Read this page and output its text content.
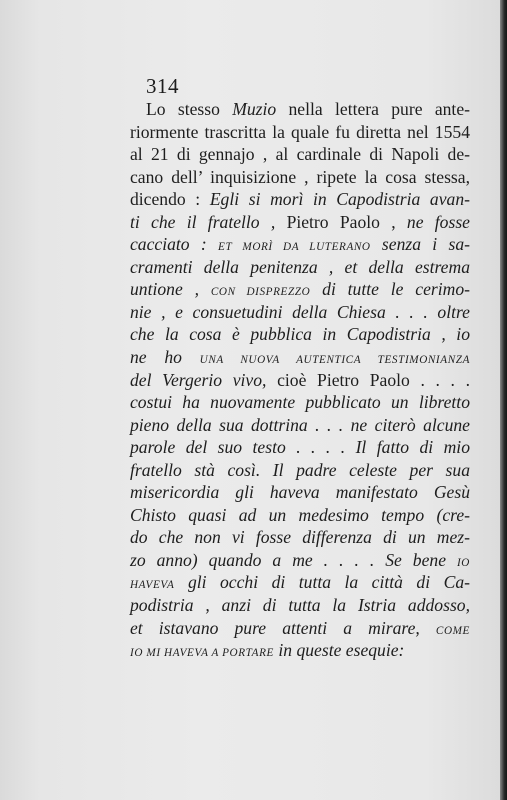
314
Lo stesso Muzio nella lettera pure ante-
riormente trascritta la quale fu diretta nel 1554
al 21 di gennajo , al cardinale di Napoli de-
cano dell’ inquisizione , ripete la cosa stessa,
dicendo : Egli si morì in Capodistria avan-
ti che il fratello , Pietro Paolo , ne fosse
cacciato : ET MORÌ DA LUTERANO senza i sa-
cramenti della penitenza , et della estrema
untione , CON DISPREZZO di tutte le cerimo-
nie , e consuetudini della Chiesa . . . oltre
che la cosa è pubblica in Capodistria , io
ne ho UNA NUOVA AUTENTICA TESTIMONIANZA
del Vergerio vivo, cioè Pietro Paolo . . . .
costui ha nuovamente pubblicato un libretto
pieno della sua dottrina . . . ne citerò alcune
parole del suo testo . . . . Il fatto di mio
fratello stà così. Il padre celeste per sua
misericordia gli haveva manifestato Gesù
Chisto quasi ad un medesimo tempo (cre-
do che non vi fosse differenza di un mez-
zo anno) quando a me . . . . Se bene IO
HAVEVA gli occhi di tutta la città di Ca-
podistria , anzi di tutta la Istria addosso,
et istavano pure attenti a mirare, COME
IO MI HAVEVA A PORTARE in queste esequie:
